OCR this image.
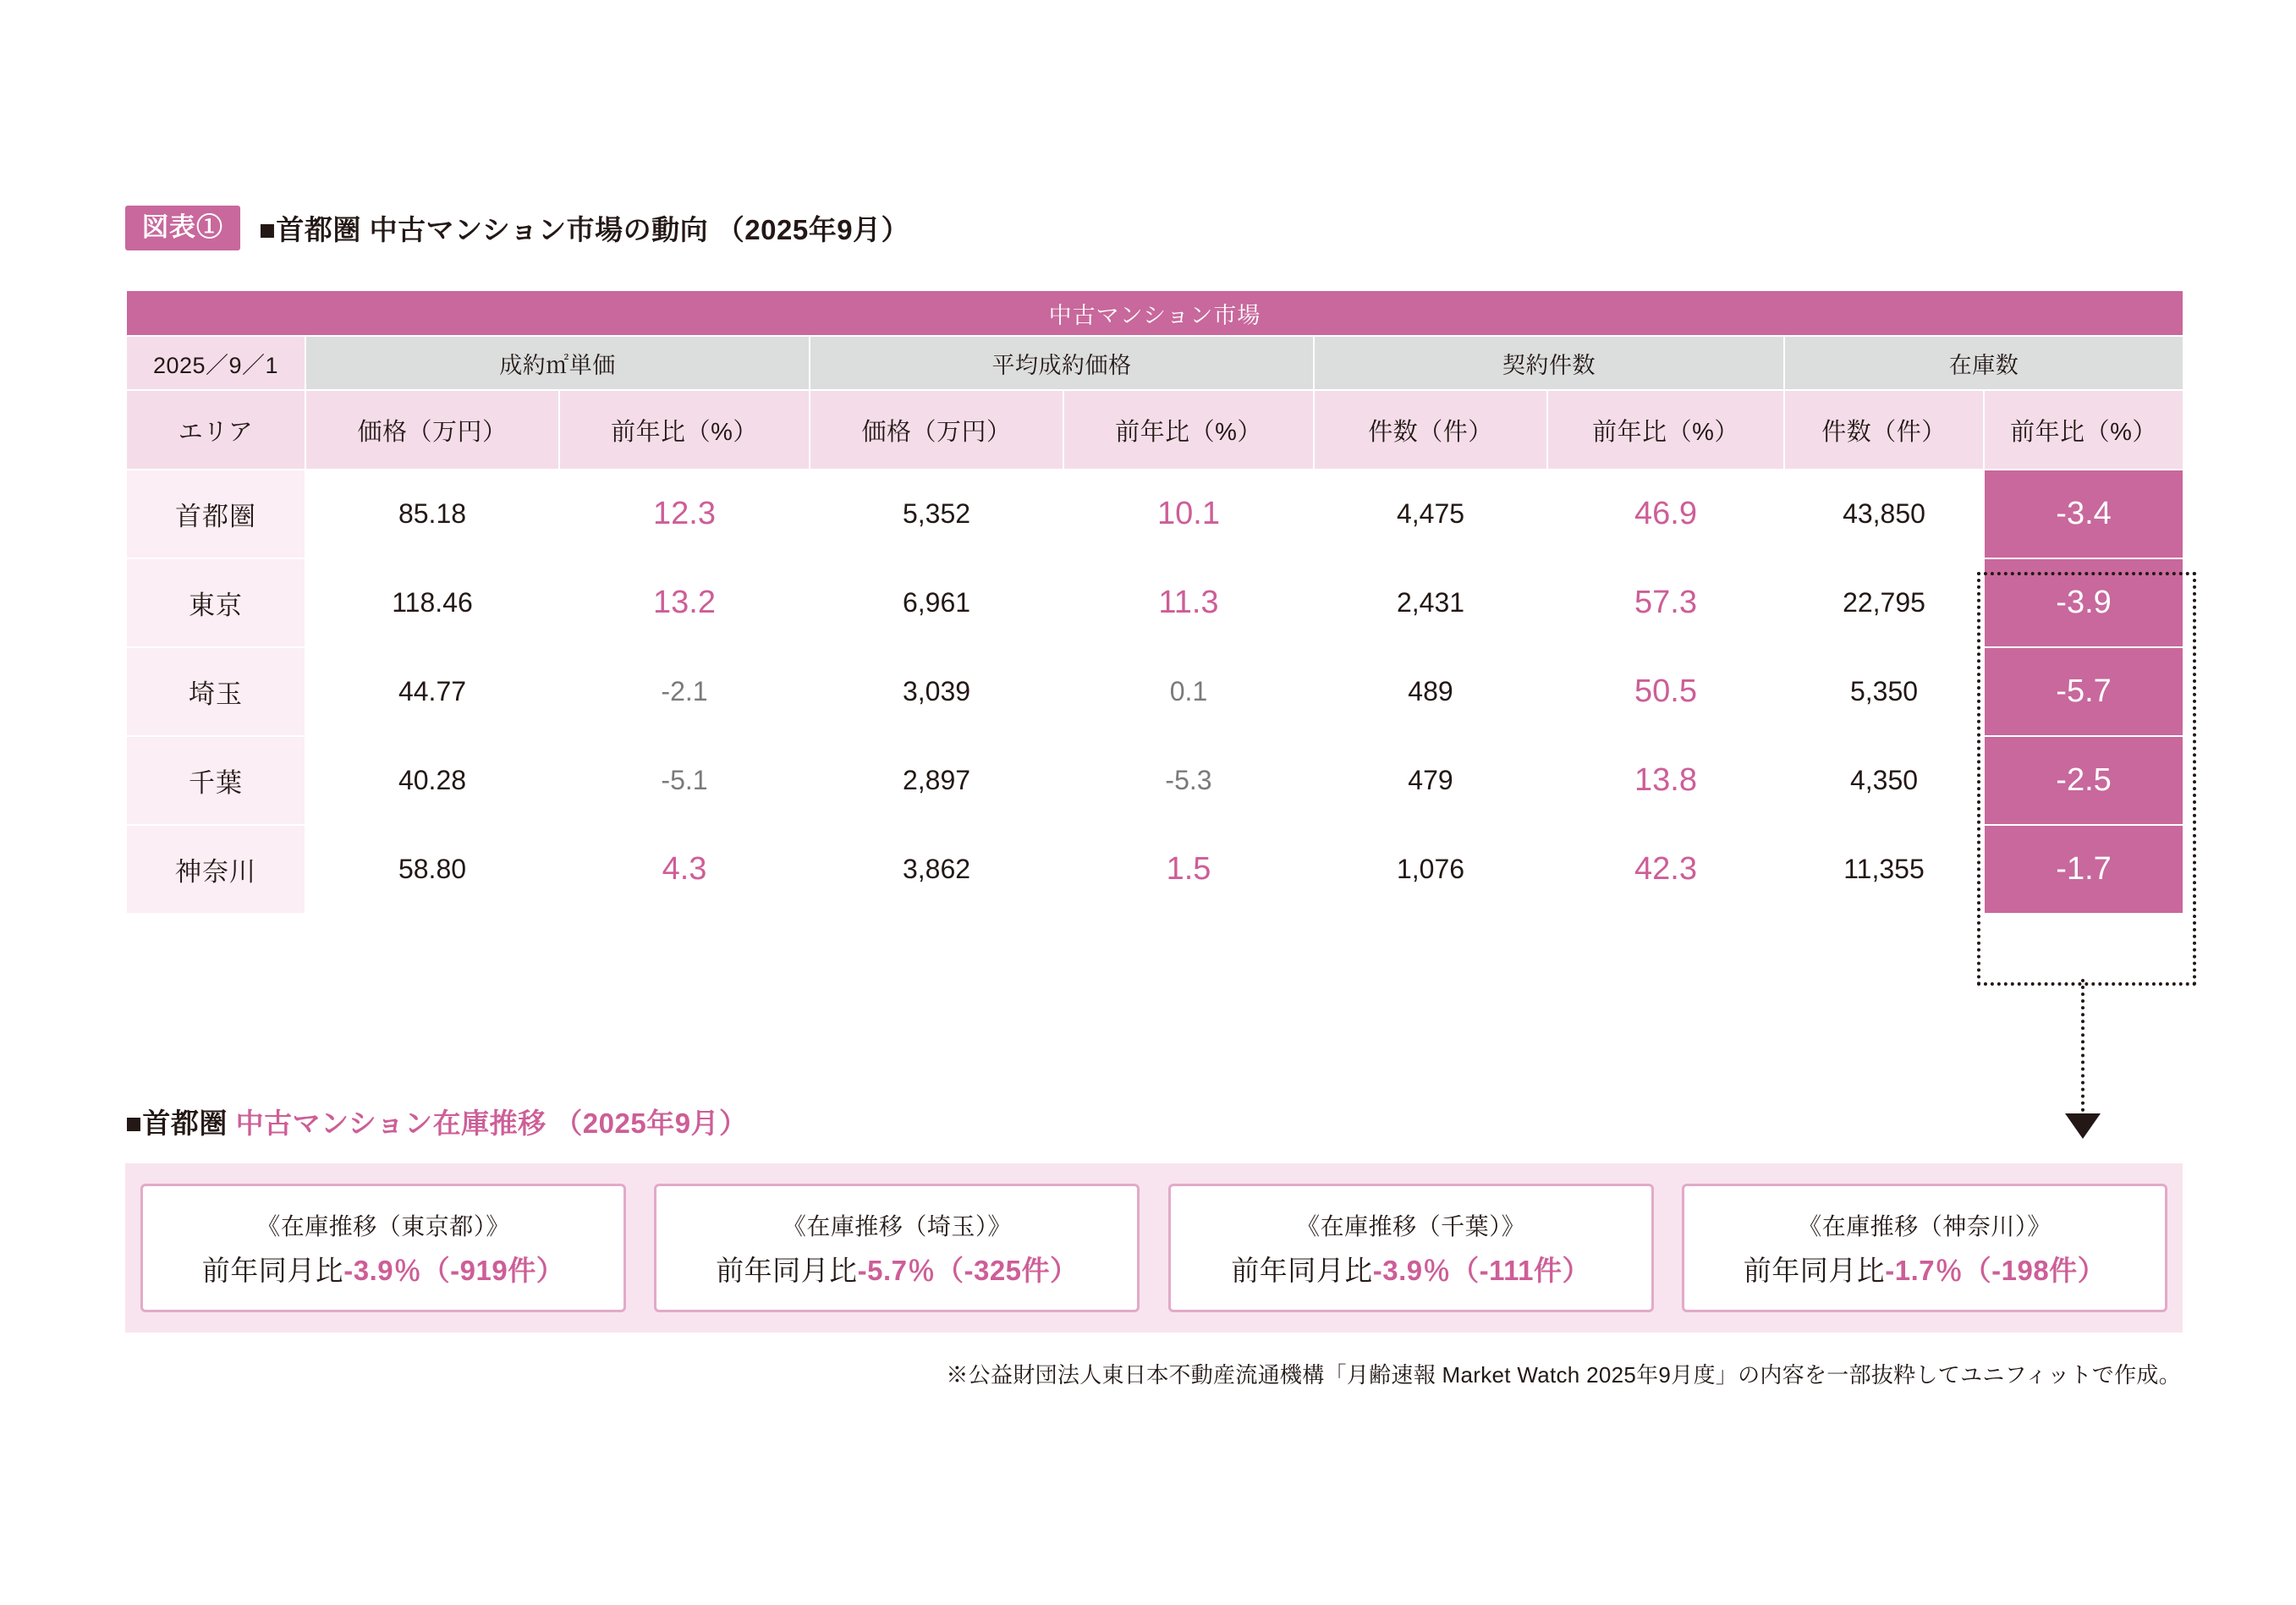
図表①	■首都圏 中古マンション市場の動向 （2025年9月）
中古マンション市場								
2025／9／1	成約㎡単価		平均成約価格		契約件数		在庫数	
エリア	価格（万円）	前年比（%）	価格（万円）	前年比（%）	件数（件）	前年比（%）	件数（件）	前年比（%）
首都圏	85.18	12.3	5,352	10.1	4,475	46.9	43,850	-3.4
東京	118.46	13.2	6,961	11.3	2,431	57.3	22,795	-3.9
埼玉	44.77	-2.1	3,039	0.1	489	50.5	5,350	-5.7
千葉	40.28	-5.1	2,897	-5.3	479	13.8	4,350	-2.5
神奈川	58.80	4.3	3,862	1.5	1,076	42.3	11,355	-1.7
■首都圏 中古マンション在庫推移 （2025年9月）
《在庫推移（東京都）》
前年同月比-3.9％（-919件）
《在庫推移（埼玉）》
前年同月比-5.7％（-325件）
《在庫推移（千葉）》
前年同月比-3.9％（-111件）
《在庫推移（神奈川）》
前年同月比-1.7％（-198件）
※公益財団法人東日本不動産流通機構「月齢速報 Market Watch 2025年9月度」の内容を一部抜粋してユニフィットで作成。
